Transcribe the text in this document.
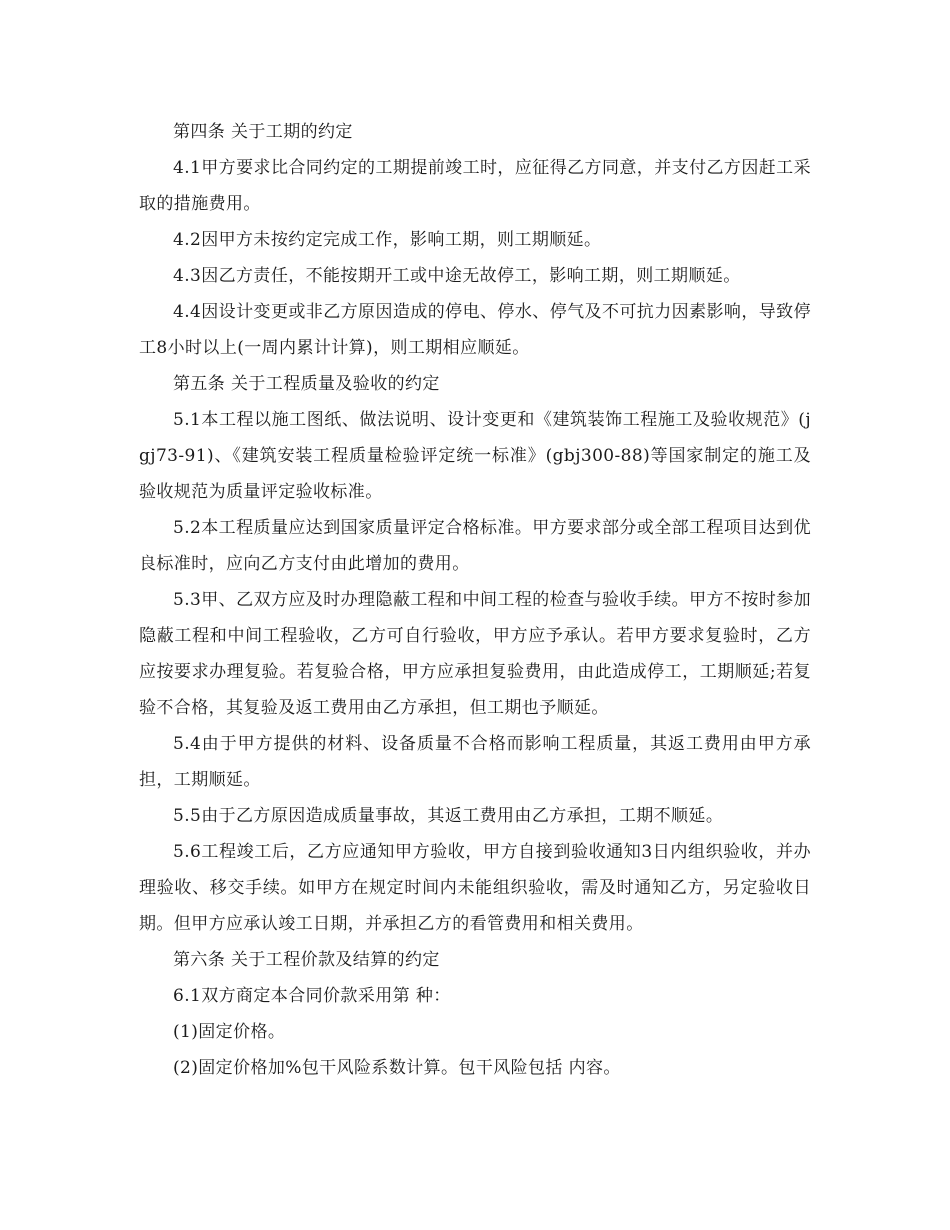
第四条 关于工期的约定

4.1甲方要求比合同约定的工期提前竣工时，应征得乙方同意，并支付乙方因赶工采取的措施费用。

4.2因甲方未按约定完成工作，影响工期，则工期顺延。

4.3因乙方责任，不能按期开工或中途无故停工，影响工期，则工期顺延。

4.4因设计变更或非乙方原因造成的停电、停水、停气及不可抗力因素影响，导致停工8小时以上(一周内累计计算)，则工期相应顺延。

第五条 关于工程质量及验收的约定

5.1本工程以施工图纸、做法说明、设计变更和《建筑装饰工程施工及验收规范》(jgj73-91)、《建筑安装工程质量检验评定统一标准》(gbj300-88)等国家制定的施工及验收规范为质量评定验收标准。

5.2本工程质量应达到国家质量评定合格标准。甲方要求部分或全部工程项目达到优良标准时，应向乙方支付由此增加的费用。

5.3甲、乙双方应及时办理隐蔽工程和中间工程的检查与验收手续。甲方不按时参加隐蔽工程和中间工程验收，乙方可自行验收，甲方应予承认。若甲方要求复验时，乙方应按要求办理复验。若复验合格，甲方应承担复验费用，由此造成停工，工期顺延;若复验不合格，其复验及返工费用由乙方承担，但工期也予顺延。

5.4由于甲方提供的材料、设备质量不合格而影响工程质量，其返工费用由甲方承担，工期顺延。

5.5由于乙方原因造成质量事故，其返工费用由乙方承担，工期不顺延。

5.6工程竣工后，乙方应通知甲方验收，甲方自接到验收通知3日内组织验收，并办理验收、移交手续。如甲方在规定时间内未能组织验收，需及时通知乙方，另定验收日期。但甲方应承认竣工日期，并承担乙方的看管费用和相关费用。

第六条 关于工程价款及结算的约定

6.1双方商定本合同价款采用第 种：

(1)固定价格。

(2)固定价格加%包干风险系数计算。包干风险包括 内容。
